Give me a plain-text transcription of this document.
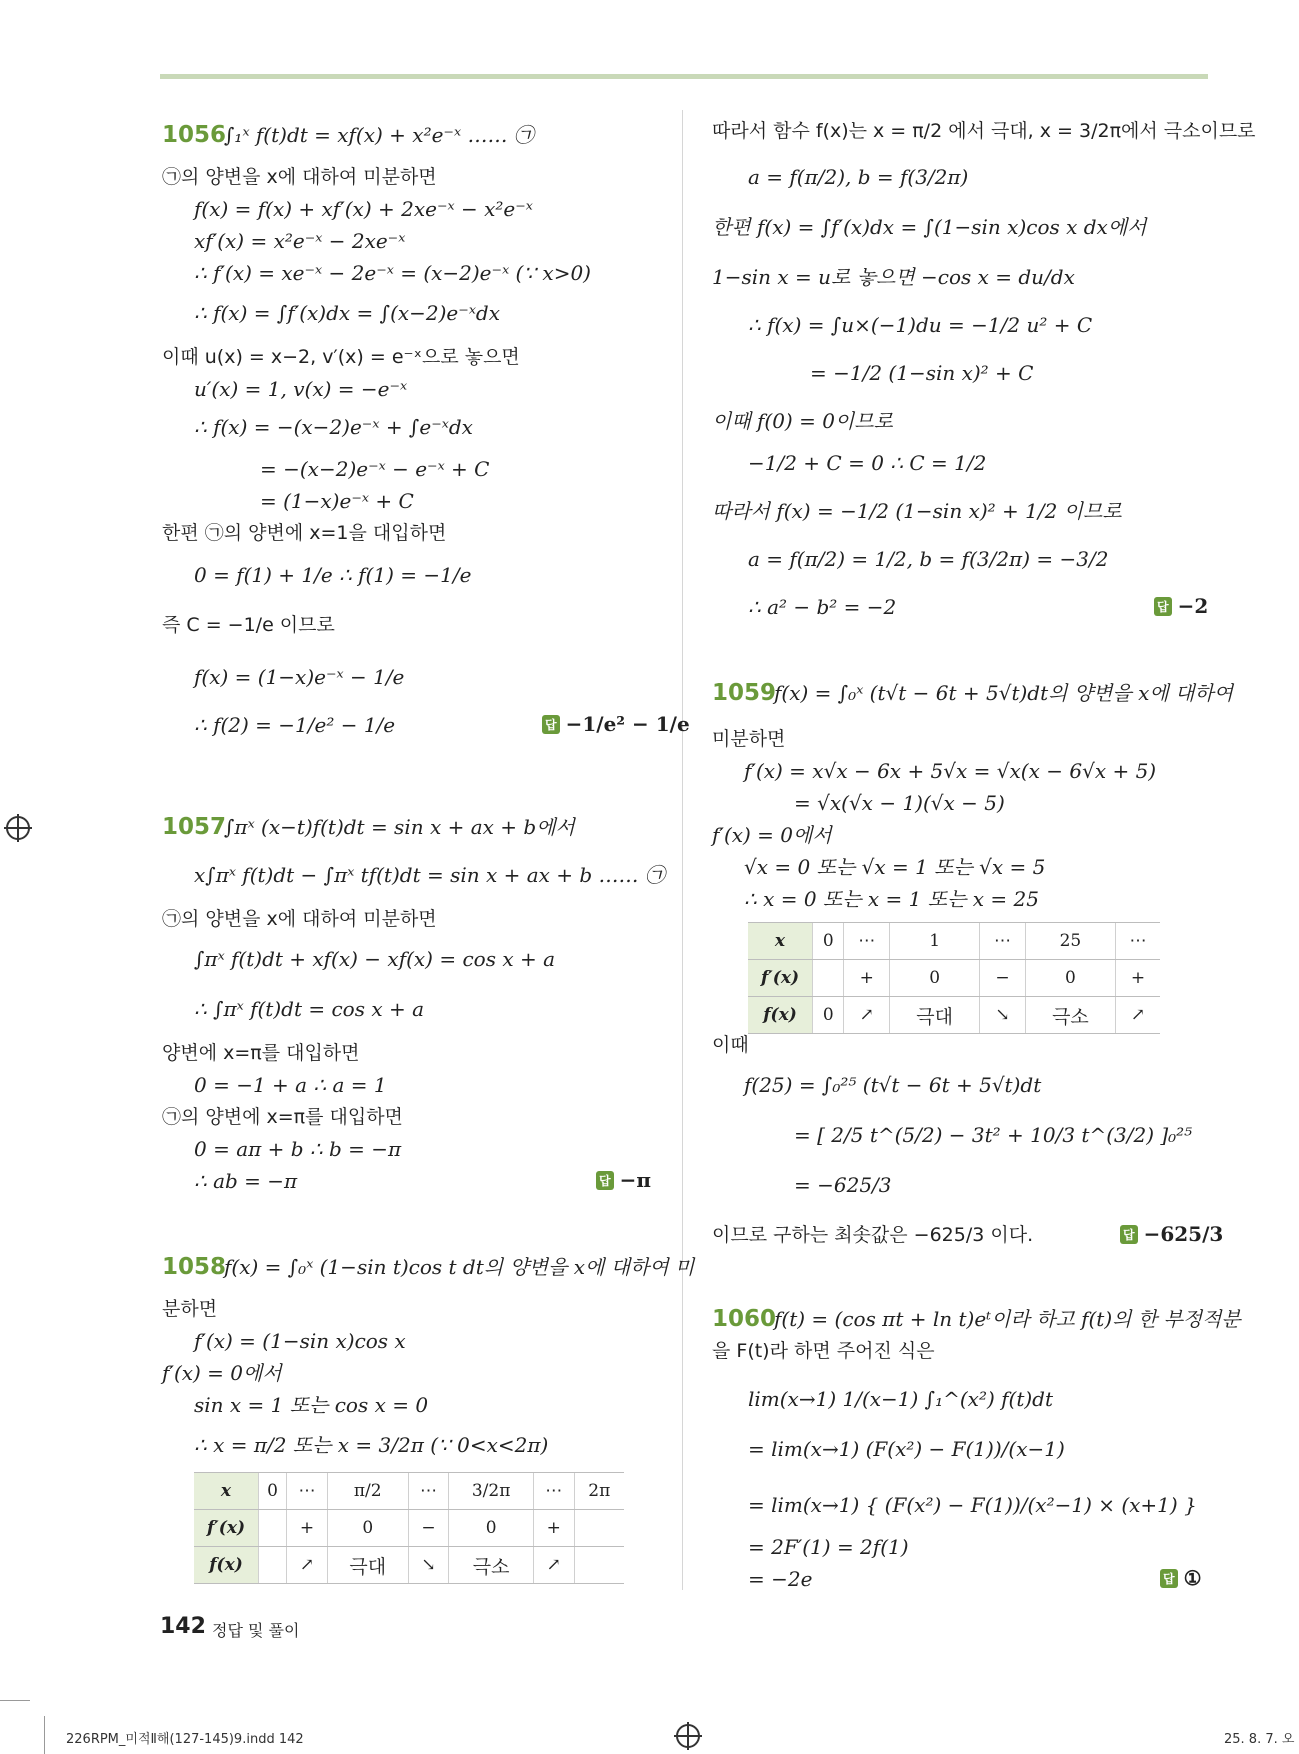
1056
∫₁ˣ f(t)dt = xf(x) + x²e⁻ˣ …… ㉠
㉠의 양변을 x에 대하여 미분하면
f(x) = f(x) + xf′(x) + 2xe⁻ˣ − x²e⁻ˣ
xf′(x) = x²e⁻ˣ − 2xe⁻ˣ
∴ f′(x) = xe⁻ˣ − 2e⁻ˣ = (x−2)e⁻ˣ (∵ x>0)
∴ f(x) = ∫f′(x)dx = ∫(x−2)e⁻ˣdx
이때 u(x) = x−2, v′(x) = e⁻ˣ으로 놓으면
u′(x) = 1, v(x) = −e⁻ˣ
∴ f(x) = −(x−2)e⁻ˣ + ∫e⁻ˣdx
= −(x−2)e⁻ˣ − e⁻ˣ + C
= (1−x)e⁻ˣ + C
한편 ㉠의 양변에 x=1을 대입하면
0 = f(1) + 1/e ∴ f(1) = −1/e
즉 C = −1/e 이므로
f(x) = (1−x)e⁻ˣ − 1/e
∴ f(2) = −1/e² − 1/e	답 −1/e² − 1/e
1057
∫πˣ (x−t)f(t)dt = sin x + ax + b에서
x∫πˣ f(t)dt − ∫πˣ tf(t)dt = sin x + ax + b …… ㉠
㉠의 양변을 x에 대하여 미분하면
∫πˣ f(t)dt + xf(x) − xf(x) = cos x + a
∴ ∫πˣ f(t)dt = cos x + a
양변에 x=π를 대입하면
0 = −1 + a ∴ a = 1
㉠의 양변에 x=π를 대입하면
0 = aπ + b ∴ b = −π
∴ ab = −π	답 −π
1058
f(x) = ∫₀ˣ (1−sin t)cos t dt의 양변을 x에 대하여 미
분하면
f′(x) = (1−sin x)cos x
f′(x) = 0에서
sin x = 1 또는 cos x = 0
∴ x = π/2 또는 x = 3/2π (∵ 0<x<2π)
x	0	⋯	π/2	⋯	3/2π	⋯	2π
f′(x)		+	0	−	0	+	
f(x)		↗	극대	↘	극소	↗	
따라서 함수 f(x)는 x = π/2 에서 극대, x = 3/2π에서 극소이므로
a = f(π/2), b = f(3/2π)
한편 f(x) = ∫f′(x)dx = ∫(1−sin x)cos x dx에서
1−sin x = u로 놓으면 −cos x = du/dx
∴ f(x) = ∫u×(−1)du = −1/2 u² + C
= −1/2 (1−sin x)² + C
이때 f(0) = 0이므로
−1/2 + C = 0 ∴ C = 1/2
따라서 f(x) = −1/2 (1−sin x)² + 1/2 이므로
a = f(π/2) = 1/2, b = f(3/2π) = −3/2
∴ a² − b² = −2	답 −2
1059
f(x) = ∫₀ˣ (t√t − 6t + 5√t)dt의 양변을 x에 대하여
미분하면
f′(x) = x√x − 6x + 5√x = √x(x − 6√x + 5)
= √x(√x − 1)(√x − 5)
f′(x) = 0에서
√x = 0 또는 √x = 1 또는 √x = 5
∴ x = 0 또는 x = 1 또는 x = 25
x	0	⋯	1	⋯	25	⋯
f′(x)		+	0	−	0	+
f(x)	0	↗	극대	↘	극소	↗
이때
f(25) = ∫₀²⁵ (t√t − 6t + 5√t)dt
= [ 2/5 t^(5/2) − 3t² + 10/3 t^(3/2) ]₀²⁵
= −625/3
이므로 구하는 최솟값은 −625/3 이다.	답 −625/3
1060
f(t) = (cos πt + ln t)eᵗ이라 하고 f(t)의 한 부정적분
을 F(t)라 하면 주어진 식은
lim(x→1) 1/(x−1) ∫₁^(x²) f(t)dt
= lim(x→1) (F(x²) − F(1))/(x−1)
= lim(x→1) { (F(x²) − F(1))/(x²−1) × (x+1) }
= 2F′(1) = 2f(1)
= −2e	답 ①
142 정답 및 풀이
226RPM_미적Ⅱ해(127-145)9.indd 142	25. 8. 7. 오
